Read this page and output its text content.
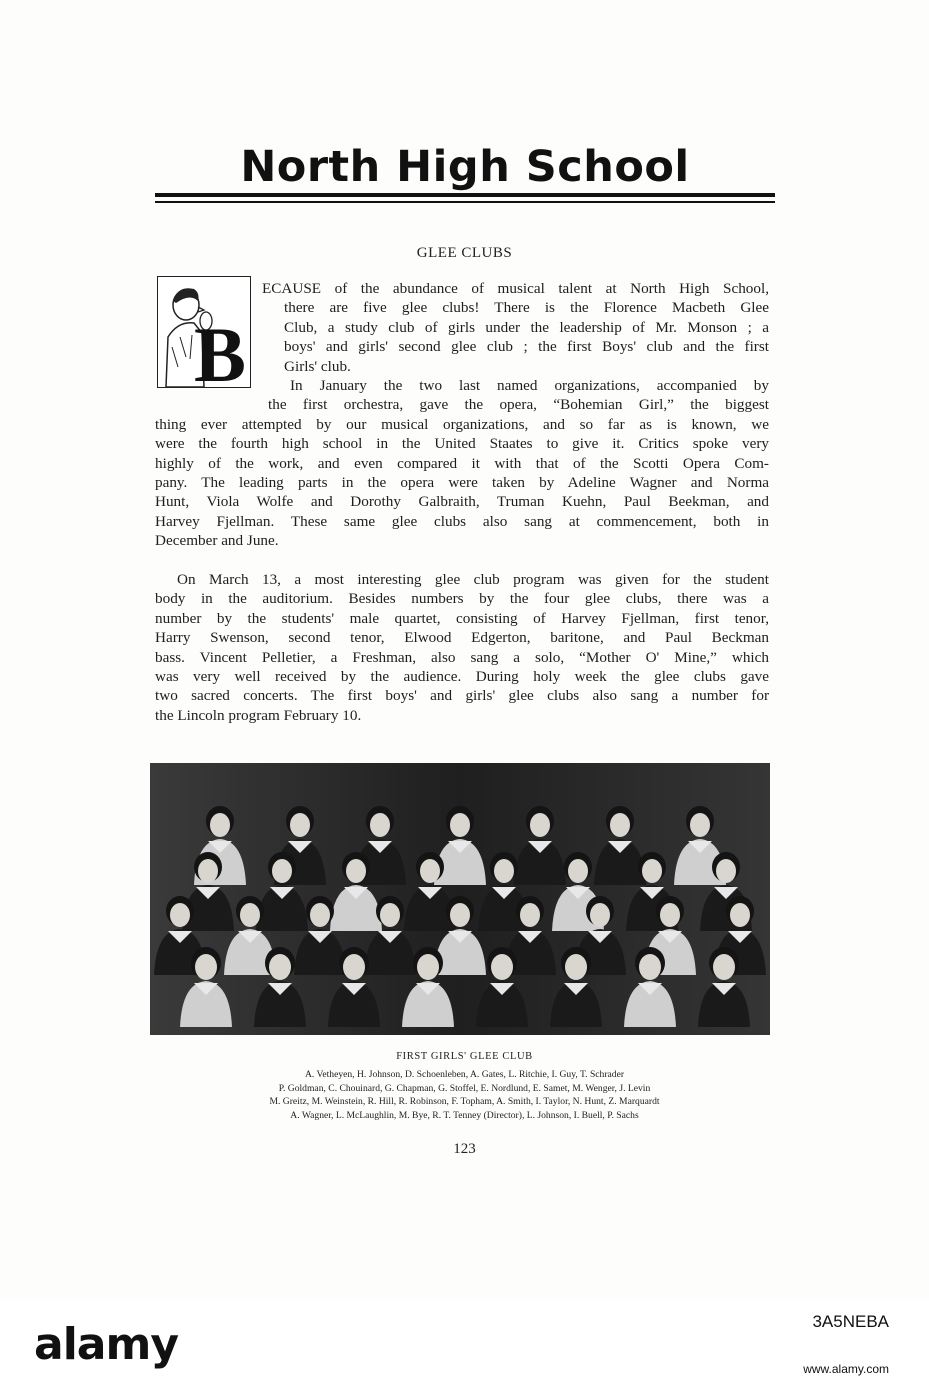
North High School
GLEE CLUBS
B
ECAUSE of the abundance of musical talent at North High School,
there are five glee clubs! There is the Florence Macbeth Glee
Club, a study club of girls under the leadership of Mr. Monson ; a
boys' and girls' second glee club ; the first Boys' club and the first
Girls' club.
In January the two last named organizations, accompanied by
the first orchestra, gave the opera, “Bohemian Girl,” the biggest
thing ever attempted by our musical organizations, and so far as is known, we
were the fourth high school in the United Staates to give it. Critics spoke very
highly of the work, and even compared it with that of the Scotti Opera Com-
pany. The leading parts in the opera were taken by Adeline Wagner and Norma
Hunt, Viola Wolfe and Dorothy Galbraith, Truman Kuehn, Paul Beekman, and
Harvey Fjellman. These same glee clubs also sang at commencement, both in
December and June.
On March 13, a most interesting glee club program was given for the student
body in the auditorium. Besides numbers by the four glee clubs, there was a
number by the students' male quartet, consisting of Harvey Fjellman, first tenor,
Harry Swenson, second tenor, Elwood Edgerton, baritone, and Paul Beckman
bass. Vincent Pelletier, a Freshman, also sang a solo, “Mother O' Mine,” which
was very well received by the audience. During holy week the glee clubs gave
two sacred concerts. The first boys' and girls' glee clubs also sang a number for
the Lincoln program February 10.
FIRST GIRLS' GLEE CLUB
A. Vetheyen, H. Johnson, D. Schoenleben, A. Gates, L. Ritchie, I. Guy, T. Schrader
P. Goldman, C. Chouinard, G. Chapman, G. Stoffel, E. Nordlund, E. Samet, M. Wenger, J. Levin
M. Greitz, M. Weinstein, R. Hill, R. Robinson, F. Topham, A. Smith, I. Taylor, N. Hunt, Z. Marquardt
A. Wagner, L. McLaughlin, M. Bye, R. T. Tenney (Director), L. Johnson, I. Buell, P. Sachs
123
alamy	3A5NEBA
www.alamy.com
